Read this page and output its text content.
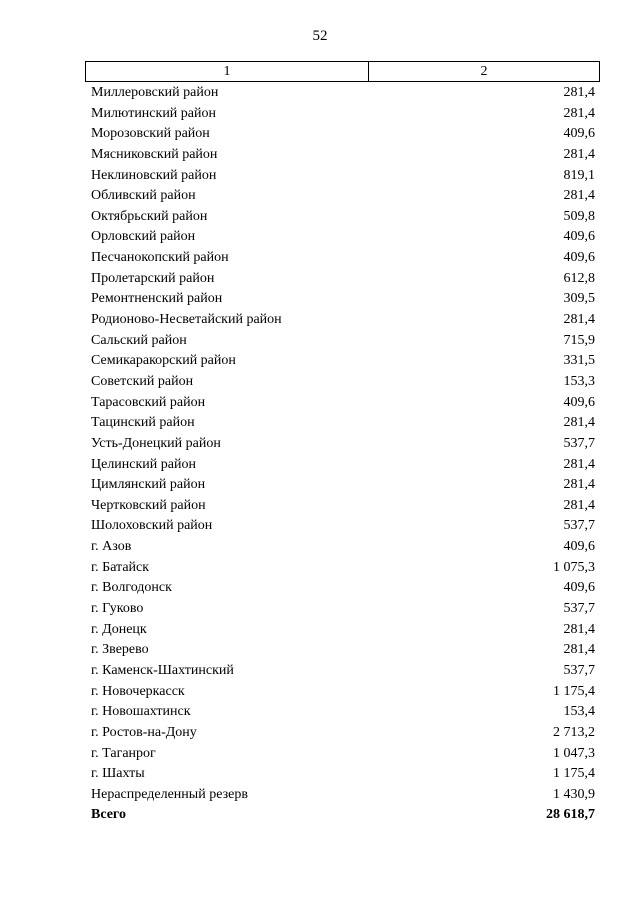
52
1	2
Миллеровский район	281,4
Милютинский район	281,4
Морозовский район	409,6
Мясниковский район	281,4
Неклиновский район	819,1
Обливский район	281,4
Октябрьский район	509,8
Орловский район	409,6
Песчанокопский район	409,6
Пролетарский район	612,8
Ремонтненский район	309,5
Родионово-Несветайский район	281,4
Сальский район	715,9
Семикаракорский район	331,5
Советский район	153,3
Тарасовский район	409,6
Тацинский район	281,4
Усть-Донецкий район	537,7
Целинский район	281,4
Цимлянский район	281,4
Чертковский район	281,4
Шолоховский район	537,7
г. Азов	409,6
г. Батайск	1 075,3
г. Волгодонск	409,6
г. Гуково	537,7
г. Донецк	281,4
г. Зверево	281,4
г. Каменск-Шахтинский	537,7
г. Новочеркасск	1 175,4
г. Новошахтинск	153,4
г. Ростов-на-Дону	2 713,2
г. Таганрог	1 047,3
г. Шахты	1 175,4
Нераспределенный резерв	1 430,9
Всего	28 618,7
